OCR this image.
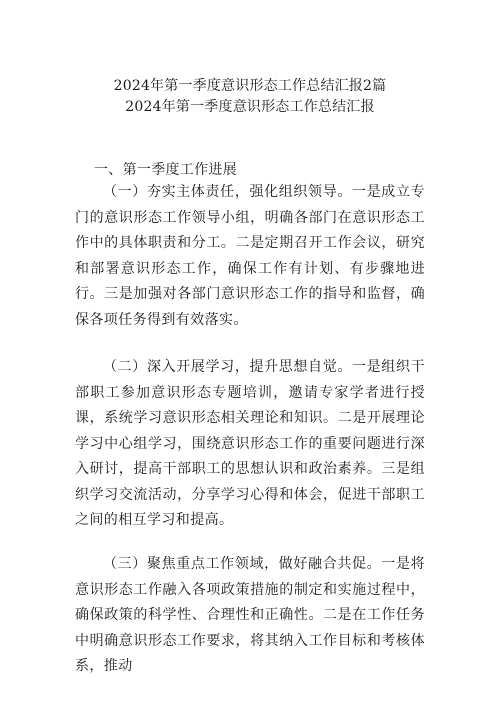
2024年第一季度意识形态工作总结汇报2篇
2024年第一季度意识形态工作总结汇报
一、第一季度工作进展

（一）夯实主体责任，强化组织领导。一是成立专门的意识形态工作领导小组，明确各部门在意识形态工作中的具体职责和分工。二是定期召开工作会议，研究和部署意识形态工作，确保工作有计划、有步骤地进行。三是加强对各部门意识形态工作的指导和监督，确保各项任务得到有效落实。

（二）深入开展学习，提升思想自觉。一是组织干部职工参加意识形态专题培训，邀请专家学者进行授课，系统学习意识形态相关理论和知识。二是开展理论学习中心组学习，围绕意识形态工作的重要问题进行深入研讨，提高干部职工的思想认识和政治素养。三是组织学习交流活动，分享学习心得和体会，促进干部职工之间的相互学习和提高。

（三）聚焦重点工作领域，做好融合共促。一是将意识形态工作融入各项政策措施的制定和实施过程中，确保政策的科学性、合理性和正确性。二是在工作任务中明确意识形态工作要求，将其纳入工作目标和考核体系，推动
